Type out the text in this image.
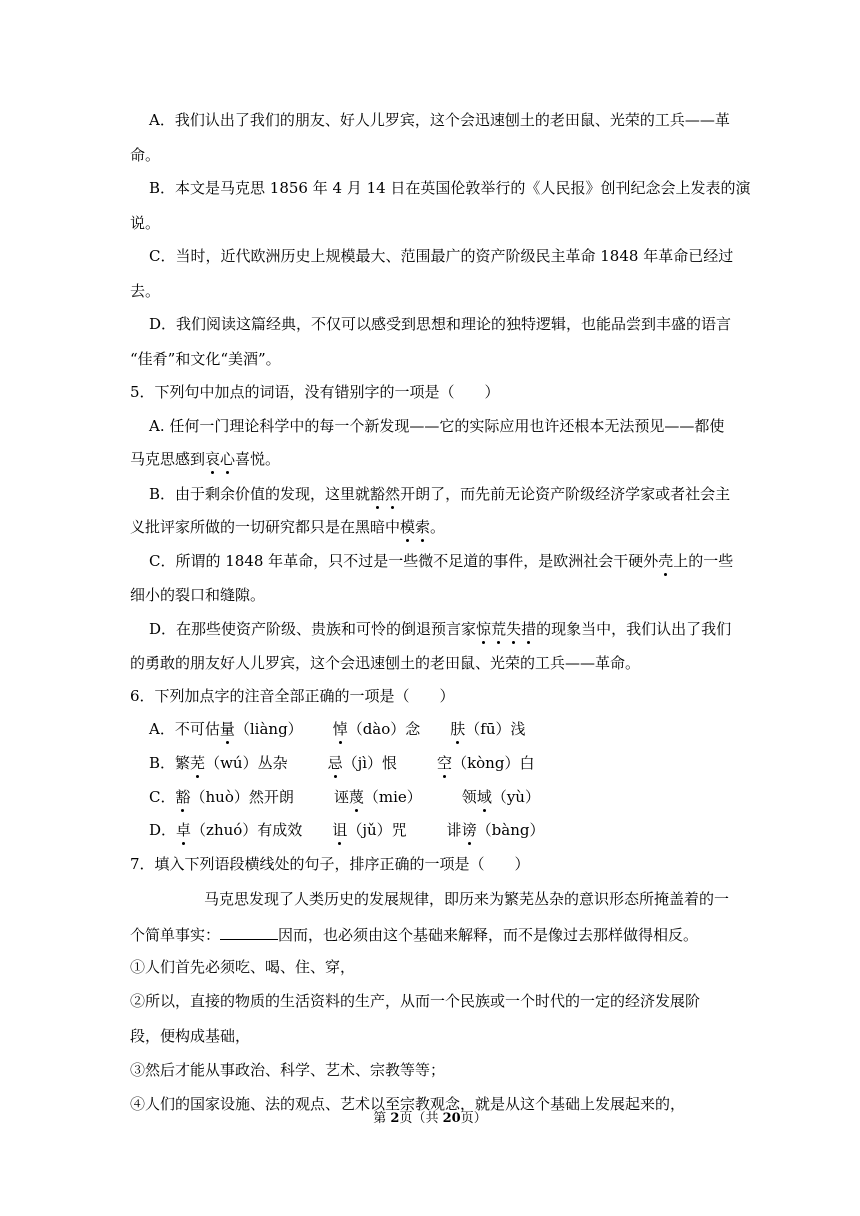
A．我们认出了我们的朋友、好人儿罗宾，这个会迅速刨土的老田鼠、光荣的工兵——革
命。
B．本文是马克思 1856 年 4 月 14 日在英国伦敦举行的《人民报》创刊纪念会上发表的演
说。
C．当时，近代欧洲历史上规模最大、范围最广的资产阶级民主革命 1848 年革命已经过
去。
D．我们阅读这篇经典，不仅可以感受到思想和理论的独特逻辑，也能品尝到丰盛的语言
“佳肴”和文化“美酒”。
5．下列句中加点的词语，没有错别字的一项是（　　）
A. 任何一门理论科学中的每一个新发现——它的实际应用也许还根本无法预见——都使
马克思感到哀心喜悦。
B．由于剩余价值的发现，这里就豁然开朗了，而先前无论资产阶级经济学家或者社会主
义批评家所做的一切研究都只是在黑暗中模索。
C．所谓的 1848 年革命，只不过是一些微不足道的事件，是欧洲社会干硬外壳上的一些
细小的裂口和缝隙。
D．在那些使资产阶级、贵族和可怜的倒退预言家惊荒失措的现象当中，我们认出了我们
的勇敢的朋友好人儿罗宾，这个会迅速刨土的老田鼠、光荣的工兵——革命。
6．下列加点字的注音全部正确的一项是（　　）
A．不可估量（liàng） 悼（dào）念 肤（fū）浅
B．繁芜（wú）丛杂	忌（jì）恨	空（kòng）白
C．豁（huò）然开朗	诬蔑（mie）	领域（yù）
D．卓（zhuó）有成效 诅（jǔ）咒	诽谤（bàng）
7．填入下列语段横线处的句子，排序正确的一项是（　　）
马克思发现了人类历史的发展规律，即历来为繁芜丛杂的意识形态所掩盖着的一
个简单事实：	因而，也必须由这个基础来解释，而不是像过去那样做得相反。
①人们首先必须吃、喝、住、穿，
②所以，直接的物质的生活资料的生产，从而一个民族或一个时代的一定的经济发展阶
段，便构成基础，
③然后才能从事政治、科学、艺术、宗教等等；
④人们的国家设施、法的观点、艺术以至宗教观念，就是从这个基础上发展起来的，
第 2页（共 20页）
